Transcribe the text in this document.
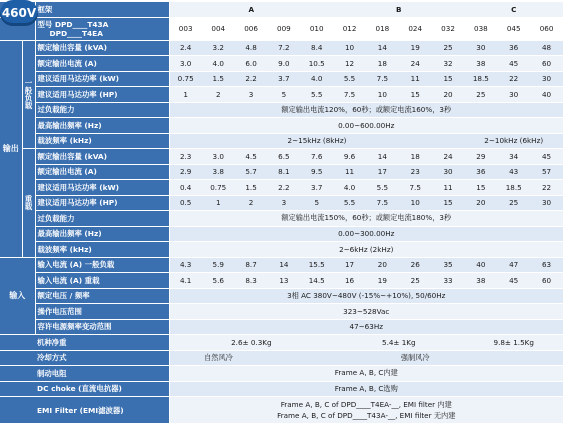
460V
		框架	A					B				C		

		型号 DPD____T43A
DPD____T4EA	003	004	006	009	010	012	018	024	032	038	045	060
输出	一般负载	额定输出容量 (kVA)	2.4	3.2	4.8	7.2	8.4	10	14	19	25	30	36	48
		额定输出电流 (A)	3.0	4.0	6.0	9.0	10.5	12	18	24	32	38	45	60
		建议适用马达功率 (kW)	0.75	1.5	2.2	3.7	4.0	5.5	7.5	11	15	18.5	22	30
		建议适用马达功率 (HP)	1	2	3	5	5.5	7.5	10	15	20	25	30	40
		过负载能力	额定输出电流120%，60秒；或额定电流160%，3秒											
		最高输出频率 (Hz)	0.00~600.00Hz											
		载波频率 (kHz)	2~15kHz (8kHz)									2~10kHz (6kHz)		
	重载	额定输出容量 (kVA)	2.3	3.0	4.5	6.5	7.6	9.6	14	18	24	29	34	45
		额定输出电流 (A)	2.9	3.8	5.7	8.1	9.5	11	17	23	30	36	43	57
		建议适用马达功率 (kW)	0.4	0.75	1.5	2.2	3.7	4.0	5.5	7.5	11	15	18.5	22
		建议适用马达功率 (HP)	0.5	1	2	3	5	5.5	7.5	10	15	20	25	30
		过负载能力	额定输出电流150%，60秒；或额定电流180%，3秒											
		最高输出频率 (Hz)	0.00~300.00Hz											
		载波频率 (kHz)	2~6kHz (2kHz)											
输入		输入电流 (A) 一般负载	4.3	5.9	8.7	14	15.5	17	20	26	35	40	47	63
		输入电流 (A) 重载	4.1	5.6	8.3	13	14.5	16	19	25	33	38	45	60
		额定电压 / 频率	3相 AC 380V~480V (-15%~+10%), 50/60Hz											
		操作电压范围	323~528Vac											
		容许电源频率变动范围	47~63Hz											
机种净重			2.6± 0.3Kg					5.4± 1Kg				9.8± 1.5Kg		
冷却方式			自然风冷			强制风冷								
制动电阻			Frame A, B, C内建											
DC choke (直流电抗器)			Frame A, B, C选购											
EMI Filter (EMI滤波器)			Frame A, B, C of DPD____T4EA-__, EMI filter 内建
Frame A, B, C of DPD____T43A-__, EMI filter 无内建											
